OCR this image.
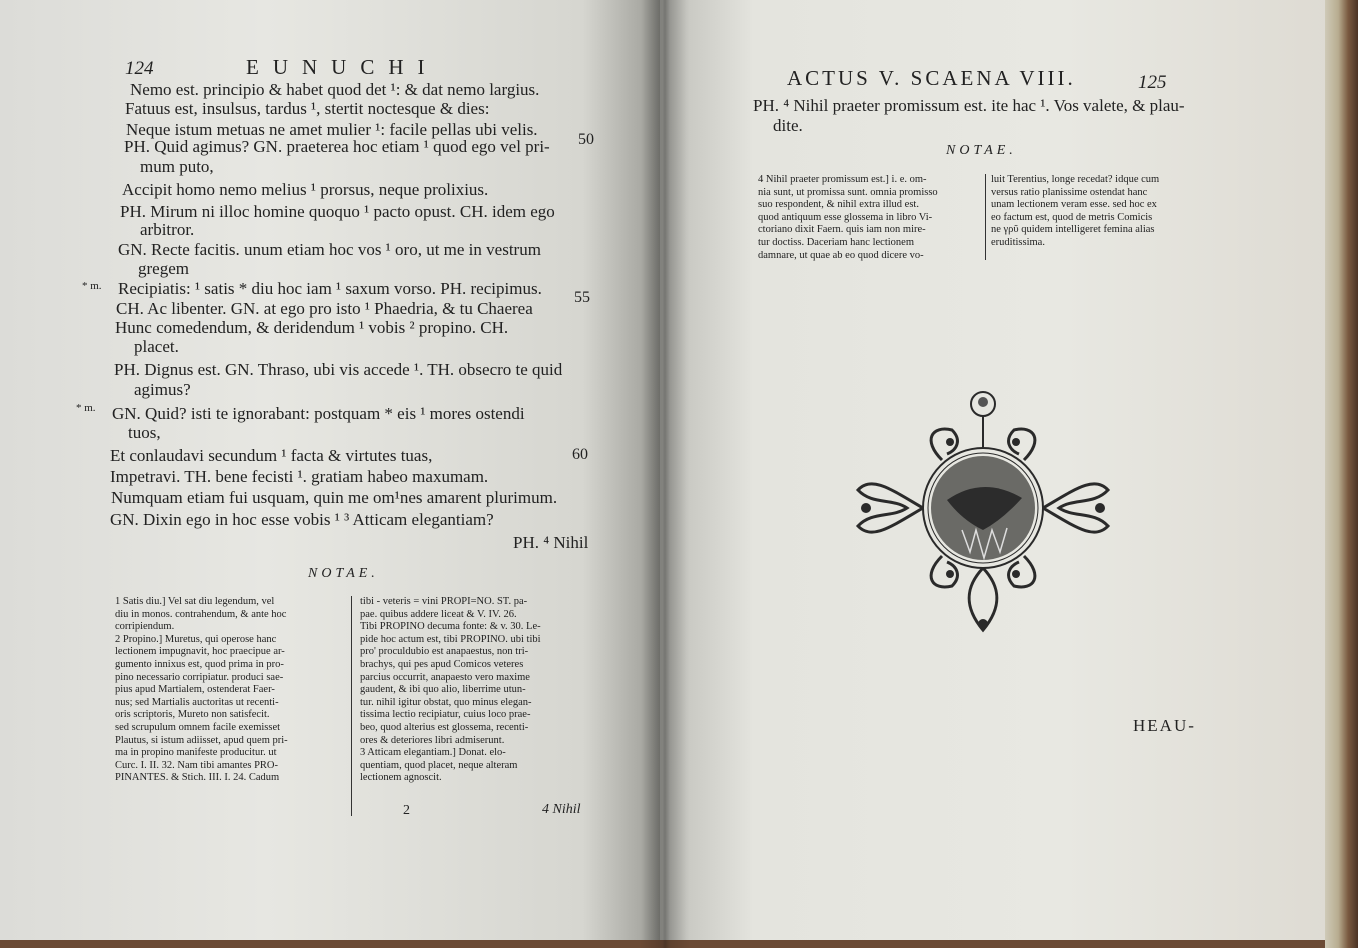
124	EUNUCHI
Nemo est. principio & habet quod det ¹: & dat nemo largius.
Fatuus est, insulsus, tardus ¹, stertit noctesque & dies:
Neque istum metuas ne amet mulier ¹: facile pellas ubi velis.
PH. Quid agimus? GN. praeterea hoc etiam ¹ quod ego vel pri-
mum puto,
Accipit homo nemo melius ¹ prorsus, neque prolixius.
PH. Mirum ni illoc homine quoquo ¹ pacto opust. CH. idem ego
arbitror.
GN. Recte facitis. unum etiam hoc vos ¹ oro, ut me in vestrum
gregem
Recipiatis: ¹ satis * diu hoc iam ¹ saxum vorso. PH. recipimus.
CH. Ac libenter. GN. at ego pro isto ¹ Phaedria, & tu Chaerea
Hunc comedendum, & deridendum ¹ vobis ² propino. CH.
placet.
PH. Dignus est. GN. Thraso, ubi vis accede ¹. TH. obsecro te quid
agimus?
GN. Quid? isti te ignorabant: postquam * eis ¹ mores ostendi
tuos,
Et conlaudavi secundum ¹ facta & virtutes tuas,
Impetravi. TH. bene fecisti ¹. gratiam habeo maxumam.
Numquam etiam fui usquam, quin me om¹nes amarent plurimum.
GN. Dixin ego in hoc esse vobis ¹ ³ Atticam elegantiam?
PH. ⁴ Nihil
50
55
60
* m.
* m.
NOTAE.
1 Satis diu.] Vel sat diu legendum, vel
diu in monos. contrahendum, & ante hoc
corripiendum.
2 Propino.] Muretus, qui operose hanc
lectionem impugnavit, hoc praecipue ar-
gumento innixus est, quod prima in pro-
pino necessario corripiatur. produci saе-
pius apud Martialem, ostenderat Faer-
nus; sed Martialis auctoritas ut recenti-
oris scriptoris, Mureto non satisfecit.
sed scrupulum omnem facile exemisset
Plautus, si istum adiisset, apud quem pri-
ma in propino manifeste producitur. ut
Curc. I. II. 32. Nam tibi amantes PRO-
PINANTES. & Stich. III. I. 24. Cadum
tibi - veteris = vini PROPI=NO. ST. pa-
pae. quibus addere liceat & V. IV. 26.
Tibi PROPINO decuma fonte: & v. 30. Le-
pide hoc actum est, tibi PROPINO. ubi tibi
pro' proculdubio est anapaestus, non tri-
brachys, qui pes apud Comicos veteres
parcius occurrit, anapaesto vero maxime
gaudent, & ibi quo alio, liberrime utun-
tur. nihil igitur obstat, quo minus elegan-
tissima lectio recipiatur, cuius loco prae-
beo, quod alterius est glossema, recenti-
ores & deteriores libri admiserunt.
3 Atticam elegantiam.] Donat. elo-
quentiam, quod placet, neque alteram
lectionem agnoscit.
2	4 Nihil
ACTUS V. SCAENA VIII.	125
PH. ⁴ Nihil praeter promissum est. ite hac ¹. Vos valete, & plau-
dite.
NOTAE.
4 Nihil praeter promissum est.] i. e. om-
nia sunt, ut promissa sunt. omnia promisso
suo respondent, & nihil extra illud est.
quod antiquum esse glossema in libro Vi-
ctoriano dixit Faern. quis iam non mire-
tur doctiss. Daceriam hanc lectionem
damnare, ut quae ab eo quod dicere vo-
luit Terentius, longe recedat? idque cum
versus ratio planissime ostendat hanc
unam lectionem veram esse. sed hoc ex
eo factum est, quod de metris Comicis
ne γρῦ quidem intelligeret femina alias
eruditissima.
HEAU-
